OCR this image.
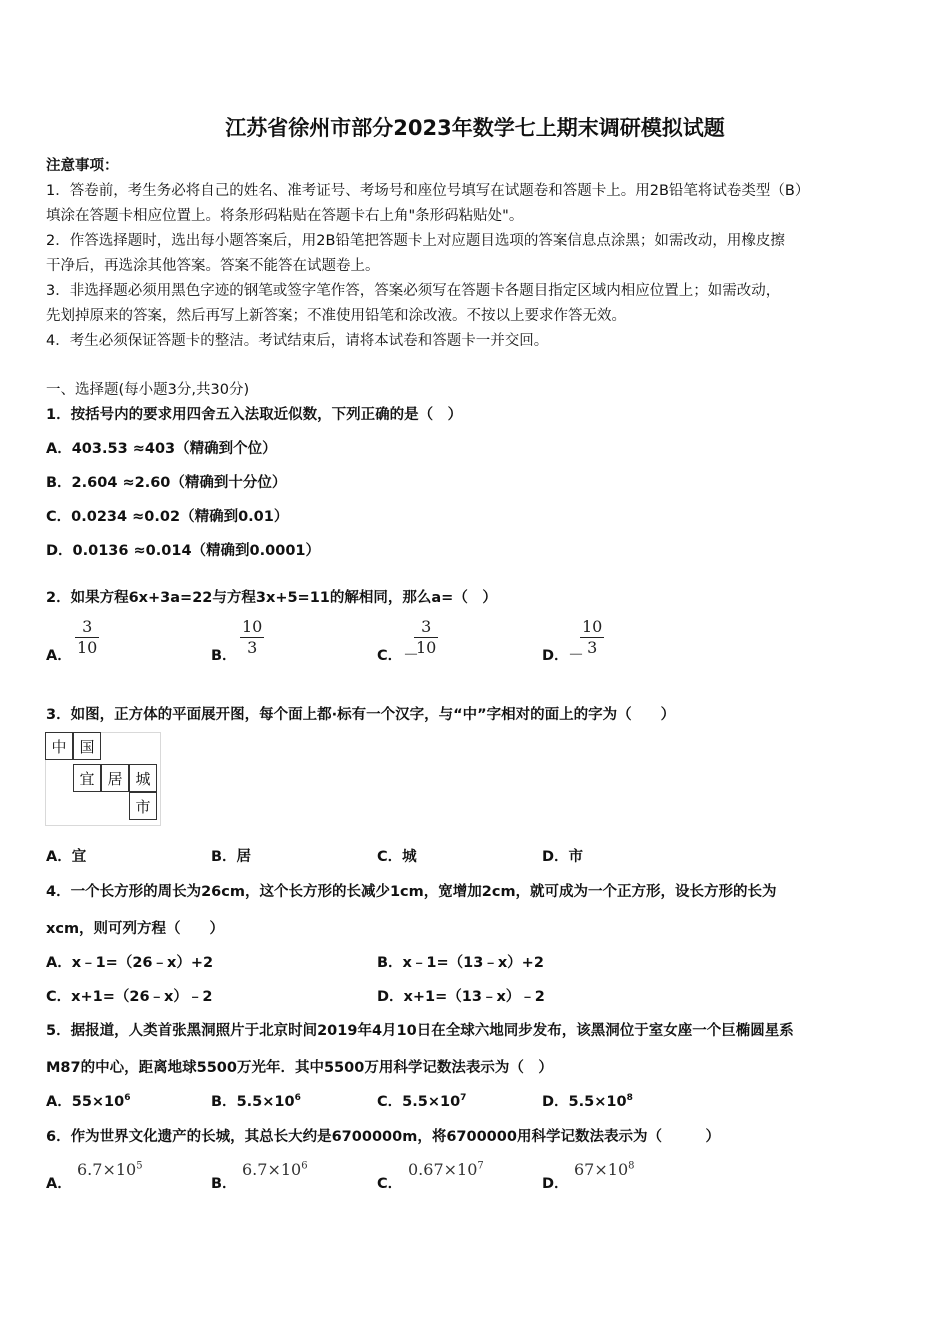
江苏省徐州市部分2023年数学七上期末调研模拟试题
注意事项：
1．答卷前，考生务必将自己的姓名、准考证号、考场号和座位号填写在试题卷和答题卡上。用2B铅笔将试卷类型（B）
填涂在答题卡相应位置上。将条形码粘贴在答题卡右上角"条形码粘贴处"。
2．作答选择题时，选出每小题答案后，用2B铅笔把答题卡上对应题目选项的答案信息点涂黑；如需改动，用橡皮擦
干净后，再选涂其他答案。答案不能答在试题卷上。
3．非选择题必须用黑色字迹的钢笔或签字笔作答，答案必须写在答题卡各题目指定区域内相应位置上；如需改动，
先划掉原来的答案，然后再写上新答案；不准使用铅笔和涂改液。不按以上要求作答无效。
4．考生必须保证答题卡的整洁。考试结束后，请将本试卷和答题卡一并交回。
一、选择题(每小题3分,共30分)
1．按括号内的要求用四舍五入法取近似数，下列正确的是（　）
A．403.53 ≈403（精确到个位）
B．2.604 ≈2.60（精确到十分位）
C．0.0234 ≈0.02（精确到0.01）
D．0.0136 ≈0.014（精确到0.0001）
2．如果方程6x+3a=22与方程3x+5=11的解相同，那么a=（　）
A．
3
10	B．
10
3	C． －
3
10	D． －
10
3
3．如图，正方体的平面展开图，每个面上都·标有一个汉字，与“中”字相对的面上的字为（　　）
中 国
宜 居 城
市
A．宜	B．居	C．城	D．市
4．一个长方形的周长为26cm，这个长方形的长减少1cm，宽增加2cm，就可成为一个正方形，设长方形的长为
xcm，则可列方程（　　）
A．x﹣1=（26﹣x）+2	B．x﹣1=（13﹣x）+2
C．x+1=（26﹣x）﹣2	D．x+1=（13﹣x）﹣2
5．据报道，人类首张黑洞照片于北京时间2019年4月10日在全球六地同步发布，该黑洞位于室女座一个巨椭圆星系
M87的中心，距离地球5500万光年．其中5500万用科学记数法表示为（　）
A．$55\times 10^6$	B．$5.5\times 10^6$	C．$5.5\times 10^7$	D．$5.5\times 10^8$
6．作为世界文化遗产的长城，其总长大约是6700000m，将6700000用科学记数法表示为（　　　）
A．
$6.7\times 10^5$
B．
$6.7\times 10^6$
C．
$0.67\times 10^7$
D．
$67\times 10^8$
